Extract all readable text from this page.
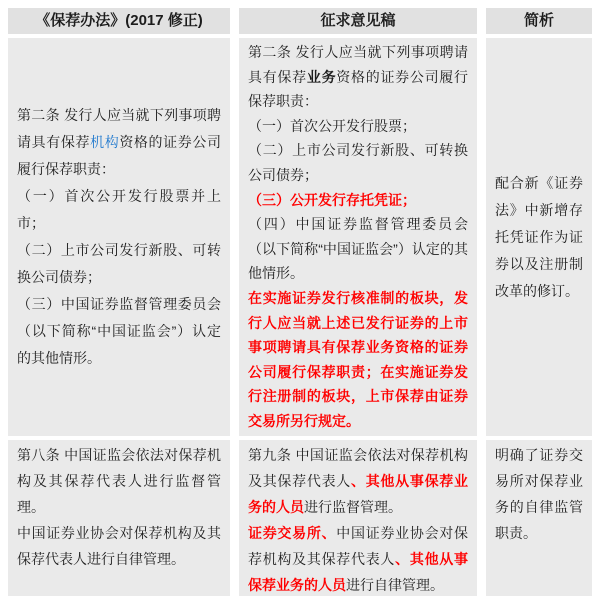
《保荐办法》(2017 修正)	征求意见稿	简析

第二条 发行人应当就下列事项聘请具有保荐机构资格的证券公司履行保荐职责：

（一）首次公开发行股票并上市；

（二）上市公司发行新股、可转换公司债券；

（三）中国证券监督管理委员会（以下简称“中国证监会”）认定的其他情形。

第二条 发行人应当就下列事项聘请具有保荐业务资格的证券公司履行保荐职责：

（一）首次公开发行股票；

（二）上市公司发行新股、可转换公司债券；

（三）公开发行存托凭证；

（四）中国证券监督管理委员会（以下简称“中国证监会”）认定的其他情形。

在实施证券发行核准制的板块，发行人应当就上述已发行证券的上市事项聘请具有保荐业务资格的证券公司履行保荐职责；在实施证券发行注册制的板块，上市保荐由证券交易所另行规定。

配合新《证券法》中新增存托凭证作为证券以及注册制改革的修订。

第八条 中国证监会依法对保荐机构及其保荐代表人进行监督管理。

中国证券业协会对保荐机构及其保荐代表人进行自律管理。

第九条 中国证监会依法对保荐机构及其保荐代表人、其他从事保荐业务的人员进行监督管理。

证券交易所、中国证券业协会对保荐机构及其保荐代表人、其他从事保荐业务的人员进行自律管理。

明确了证券交易所对保荐业务的自律监管职责。
